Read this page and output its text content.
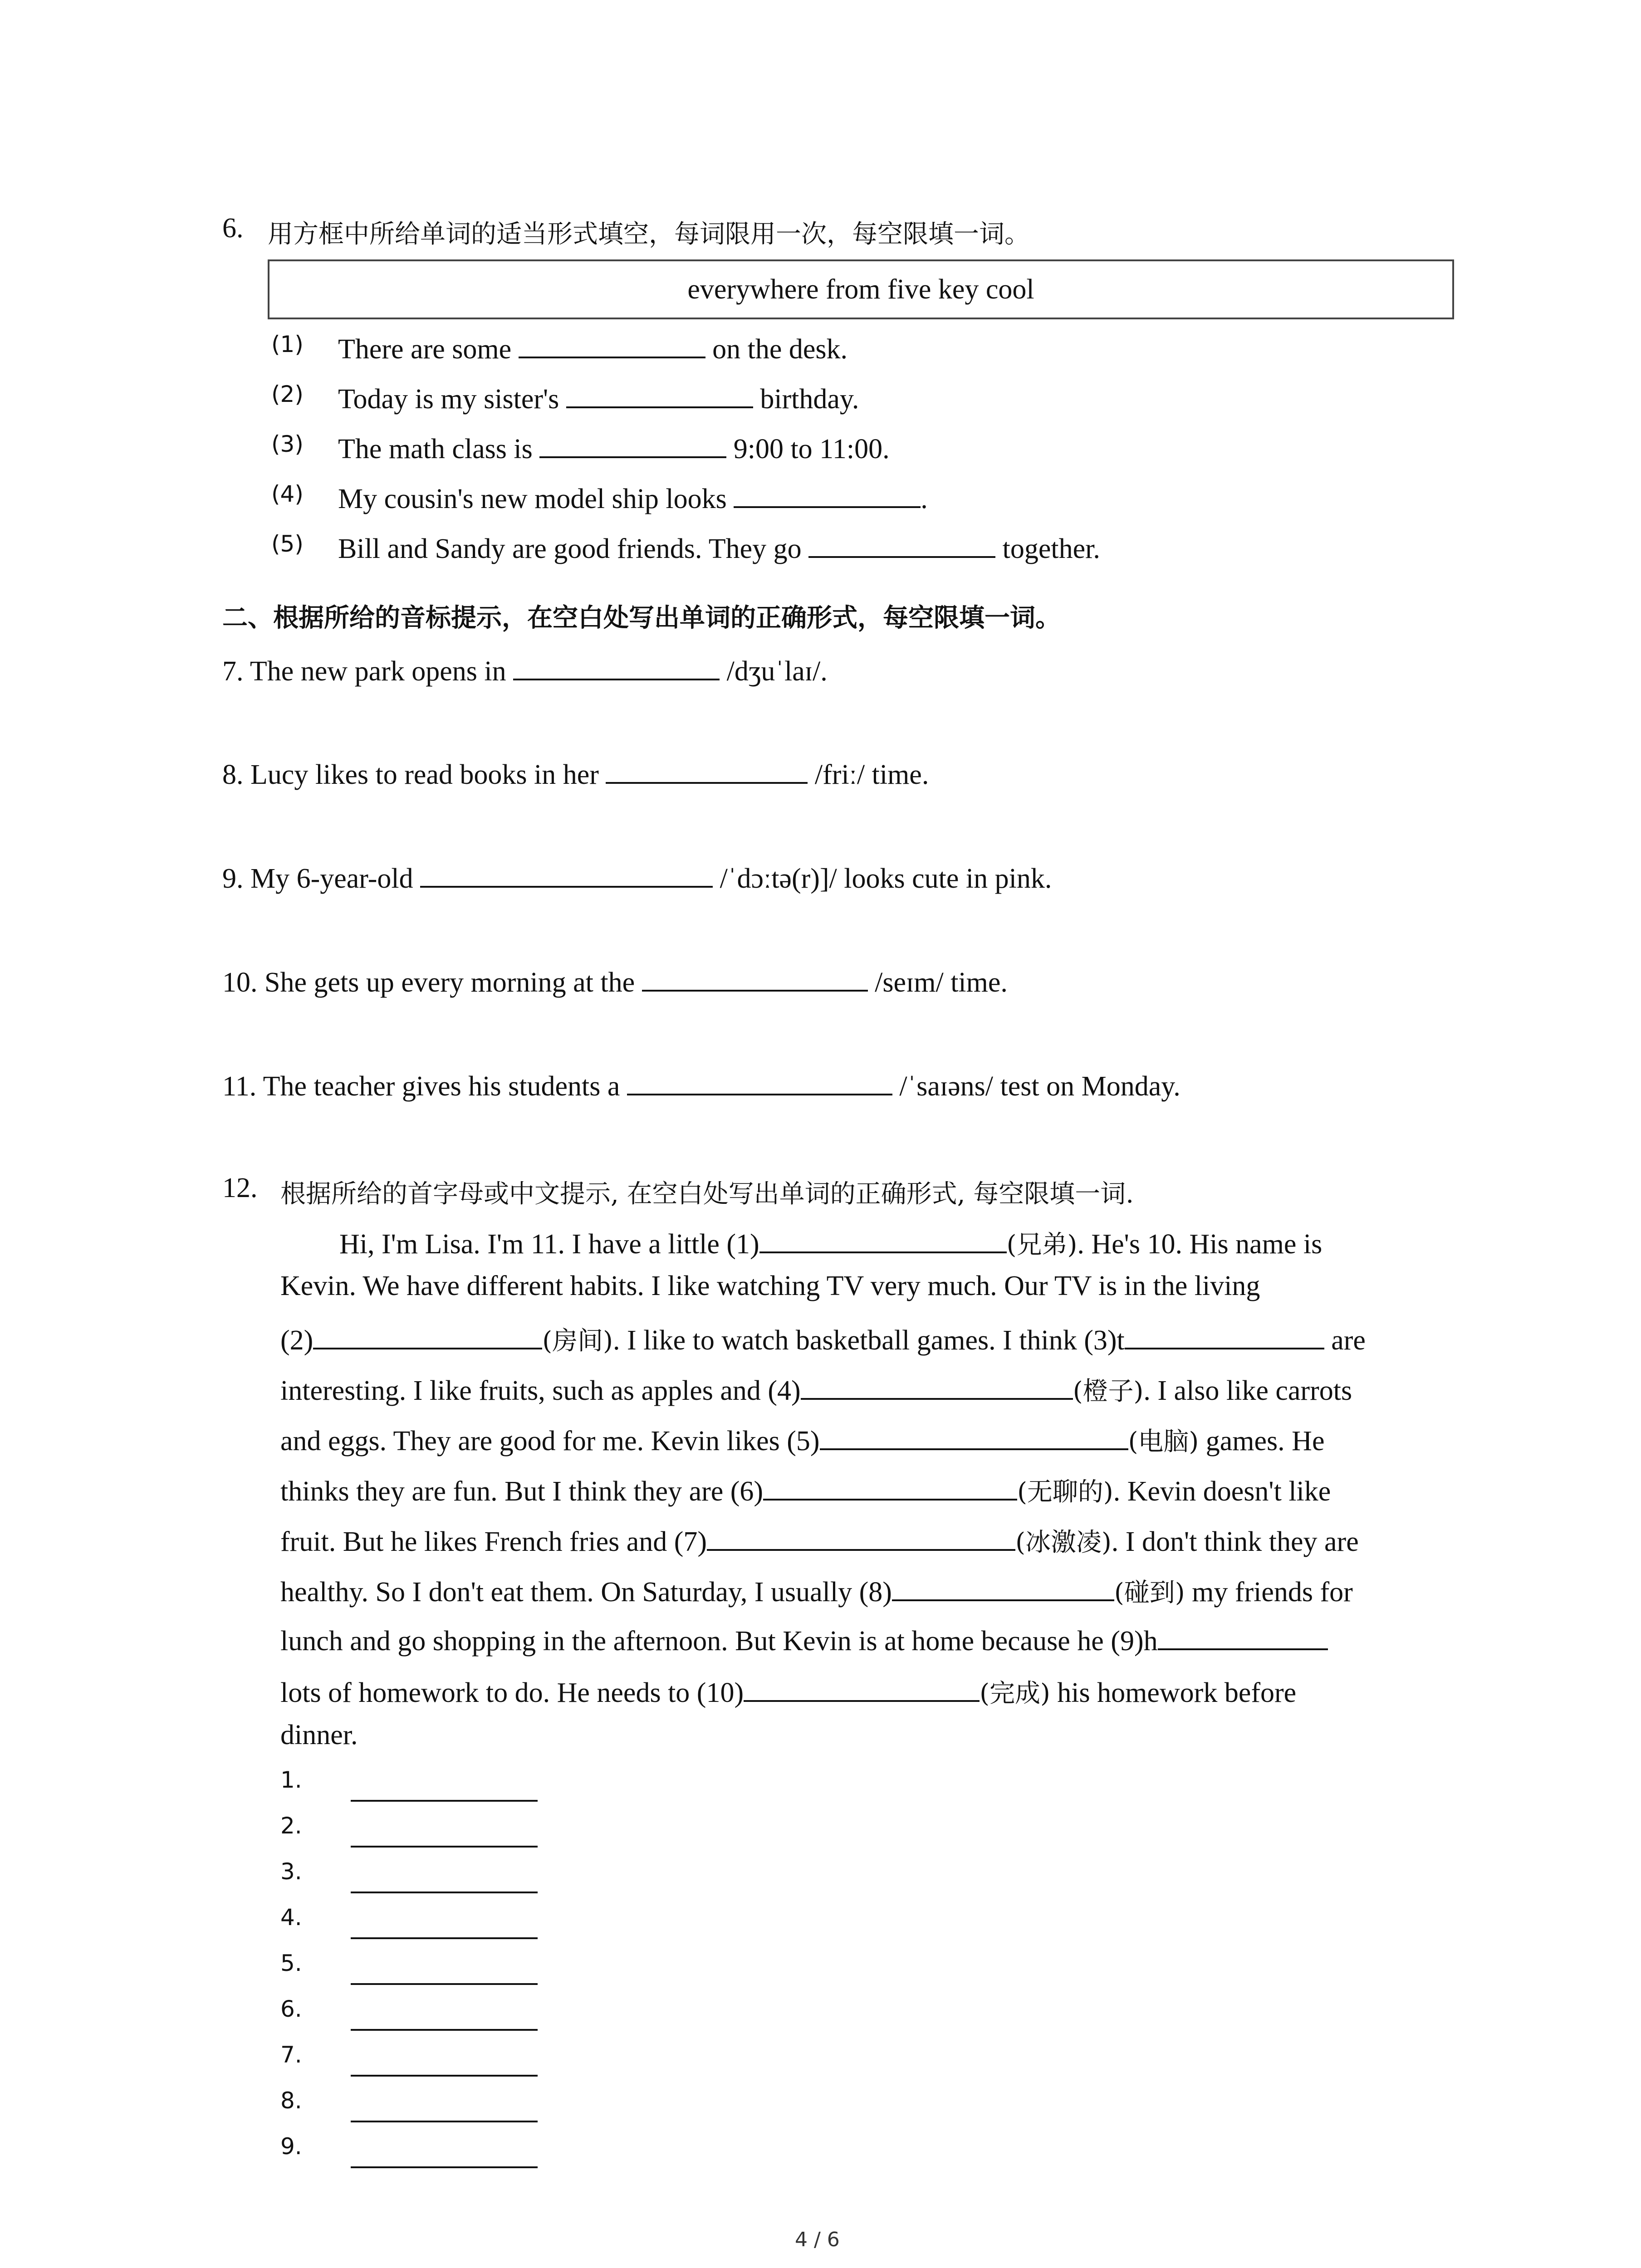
6. 用方框中所给单词的适当形式填空，每词限用一次，每空限填一词。
everywhere from five key cool
(1) There are some	on the desk.
(2) Today is my sister's	birthday.
(3) The math class is	9:00 to 11:00.
(4) My cousin's new model ship looks	.
(5) Bill and Sandy are good friends. They go	together.
二、根据所给的音标提示，在空白处写出单词的正确形式，每空限填一词。
7. The new park opens in	/dʒuˈlaɪ/.
8. Lucy likes to read books in her	/friː/ time.
9. My 6-year-old	/ˈdɔːtə(r)]/ looks cute in pink.
10. She gets up every morning at the	/seɪm/ time.
11. The teacher gives his students a	/ˈsaɪəns/ test on Monday.
12. 根据所给的首字母或中文提示, 在空白处写出单词的正确形式, 每空限填一词.
Hi, I'm Lisa. I'm 11. I have a little (1)	(兄弟). He's 10. His name is
Kevin. We have different habits. I like watching TV very much. Our TV is in the living
(2)	(房间). I like to watch basketball games. I think (3)t	are
interesting. I like fruits, such as apples and (4)	(橙子). I also like carrots
and eggs. They are good for me. Kevin likes (5)	(电脑) games. He
thinks they are fun. But I think they are (6)	(无聊的). Kevin doesn't like
fruit. But he likes French fries and (7)	(冰激凌). I don't think they are
healthy. So I don't eat them. On Saturday, I usually (8)	(碰到) my friends for
lunch and go shopping in the afternoon. But Kevin is at home because he (9)h
lots of homework to do. He needs to (10)	(完成) his homework before
dinner.
1.
2.
3.
4.
5.
6.
7.
8.
9.
4 / 6
